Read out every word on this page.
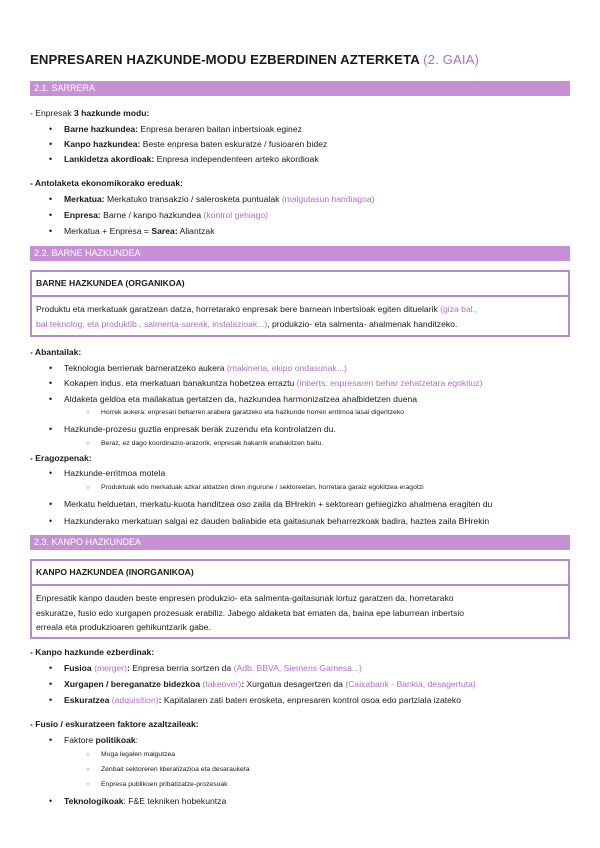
ENPRESAREN HAZKUNDE-MODU EZBERDINEN AZTERKETA (2. GAIA)
2.1. SARRERA
- Enpresak 3 hazkunde modu:
• Barne hazkundea: Enpresa beraren baitan inbertsioak eginez
• Kanpo hazkundea: Beste enpresa baten eskuratze / fusioaren bidez
• Lankidetza akordioak: Enpresa independenteen arteko akordioak
- Antolaketa ekonomikorako ereduak:
• Merkatua: Merkatuko transakzio / salerosketa puntualak (malgutasun handiagoa)
• Enpresa: Barne / kanpo hazkundea (kontrol gehiago)
• Merkatua + Enpresa = Sarea: Aliantzak
2.2. BARNE HAZKUNDEA
BARNE HAZKUNDEA (ORGANIKOA)
Produktu eta merkatuak garatzean datza, horretarako enpresak bere barnean inbertsioak egiten dituelarik (giza bal.,
bal teknolog. eta produktib., salmenta-sareak, instalazioak...), produkzio- eta salmenta- ahalmenak handitzeko.
- Abantailak:
• Teknologia berrienak barneratzeko aukera (makineria, ekipo ondasunak...)
• Kokapen indus. eta merkatuan banakuntza hobetzea erraztu (inberts. enpresaren behar zehatzetara egokituz)
• Aldaketa geldoa eta mailakatua gertatzen da, hazkundea harmonizatzea ahalbidetzen duena
○ Horrek aukera: enpresari beharren arabera garatzeko eta hazkunde horren erritmoa lasai digeritzeko
• Hazkunde-prozesu guztia enpresak berak zuzendu eta kontrolatzen du.
○ Beraz, ez dago koordinazio-arazorik, enpresak bakarrik erabakitzen baitu.
- Eragozpenak:
• Hazkunde-erritmoa motela
○ Produktuak edo merkatuak azkar aldatzen diren ingurune / sektoreetan, horretara garaiz egokitzea eragotzi
• Merkatu helduetan, merkatu-kuota handitzea oso zaila da BHrekin + sektorean gehiegizko ahalmena eragiten du
• Hazkunderako merkatuan salgai ez dauden baliabide eta gaitasunak beharrezkoak badira, haztea zaila BHrekin
2.3. KANPO HAZKUNDEA
KANPO HAZKUNDEA (INORGANIKOA)
Enpresatik kanpo dauden beste enpresen produkzio- eta salmenta-gaitasunak lortuz garatzen da, horretarako
eskuratze, fusio edo xurgapen prozesuak erabiliz. Jabego aldaketa bat ematen da, baina epe laburrean inbertsio
erreala eta produkzioaren gehikuntzarik gabe.
- Kanpo hazkunde ezberdinak:
• Fusioa (merger): Enpresa berria sortzen da (Adb. BBVA, Siemens Gamesa...)
• Xurgapen / bereganatze bidezkoa (takeover): Xurgatua desagertzen da (Caixabank - Bankia, desagertuta)
• Eskuratzea (adquisition): Kapitalaren zati baten erosketa, enpresaren kontrol osoa edo partziala izateko
- Fusio / eskuratzeen faktore azaltzaileak:
• Faktore politikoak:
○ Muga legalen malgutzea
○ Zenbait sektoreren liberalizazioa eta desarauketa
○ Enpresa publikoen pribatizatze-prozesuak
• Teknologikoak: F&E tekniken hobekuntza
